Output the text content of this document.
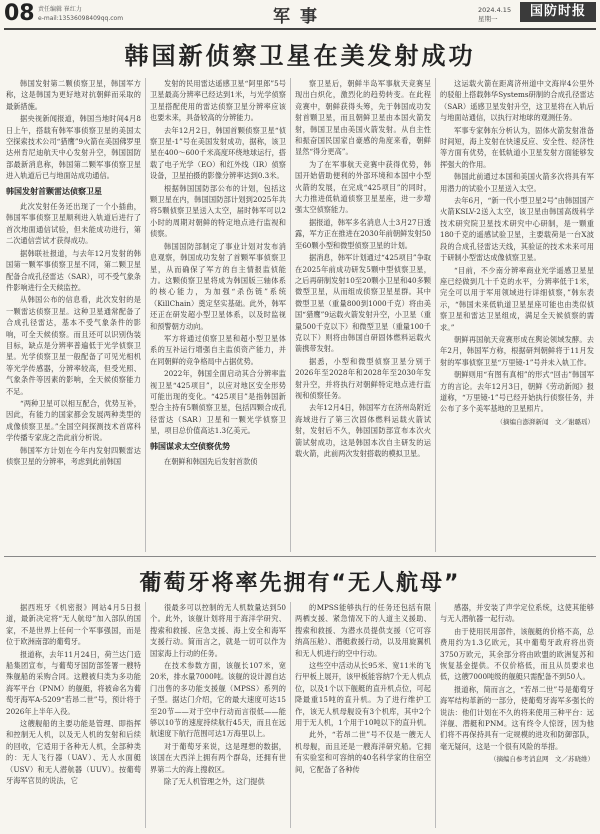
08 责任编辑 崔红力
e-mail:13536098409qq.com	军事	2024.4.15
星期一	国防时报
韩国新侦察卫星在美发射成功

韩国发射第二颗侦察卫星，韩国军方称，这是韩国为更好地对抗朝鲜而采取的最新措施。

据央视新闻报道，韩国当地时间4月8日上午，搭载有韩军事侦察卫星的美国太空探索技术公司“猎鹰”9火箭在美国佛罗里达州肯尼迪航天中心发射升空，韩国国防部最新消息称，韩国第二颗军事侦察卫星进入轨道后已与地面站成功通信。

韩国发射首颗雷达侦察卫星

此次发射任务还出现了一个小插曲，韩国军事侦察卫星顺利进入轨道后进行了首次地面通信试验，但未能成功进行，第二次通信尝试才获得成功。

据韩联社报道，与去年12月发射的韩国第一颗军事侦察卫星不同，第二颗卫星配备合成孔径雷达（SAR），可不受气象条件影响进行全天候监控。

从韩国公布的信息看，此次发射的是一颗雷达侦察卫星。这种卫星通常配备了合成孔径雷达，基本不受气象条件的影响，可全天候侦察。而且还可以识别伪装目标，缺点是分辨率普遍低于光学侦察卫星。光学侦察卫星一般配备了可见光相机等光学传感器，分辨率较高，但受光照、气象条件等因素的影响，全天候侦察能力不足。

“两种卫星可以相互配合，优势互补，因此，有能力的国家都会发展两种类型的成像侦察卫星。”全国空间探测技术首席科学传播专家庞之浩此前分析说。

韩国军方计划在今年内发射四颗雷达侦察卫星的分辨率，考虑到此前韩国

发射的民用雷达遥感卫星“阿里郎”5号卫星最高分辨率已经达到1米，与光学侦察卫星搭配使用的雷达侦察卫星分辨率应该也要未来，具备较高的分辨能力。

去年12月2日，韩国首颗侦察卫星“侦察卫星-1”号在美国发射成功，据称，该卫星在400～600千米高度环绕地球运行，搭载了电子光学（EO）和红外线（IR）侦察设备，卫星拍摄的影像分辨率达到0.3米。

根据韩国国防部公布的计划，包括这颗卫星在内，韩国国防部计划到2025年共将5颗侦察卫星送入太空，届时韩军可以2小时的周期对朝鲜的特定地点进行监视和侦察。

韩国国防部制定了事业计划对发布消息观察，韩国成功发射了首颗军事侦察卫星，从而确保了军方的自主情报监侦能力。这颗侦察卫星将成为韩国版三轴体系的核心能力，为加强“杀伤链”系统（KillChain）奠定坚实基础。此外，韩军还正在研发超小型卫星体系，以及时监视和预警朝方动向。

军方将通过侦察卫星和超小型卫星体系的互补运行增强自主监侦资产能力，并在同朝鲜的竞争格局中占据优势。

2022年，韩国全面启动其合分辨率监视卫星“425项目”，以应对地区安全形势可能出现的变化。“425项目”是指韩国新型合主持有5颗侦察卫星，包括四颗合成孔径雷达（SAR）卫星和一颗光学侦察卫星，项目总价值高达1.3亿美元。

韩国谋求太空侦察优势

在朝鲜和韩国先后发射首款侦

察卫星后，朝鲜半岛军事航天竞赛呈现出白炽化，激烈化的趋势转变。在此程竞赛中，朝鲜获得头筹，先于韩国成功发射首颗卫星，而且朝鲜卫星由本国火箭发射，韩国卫星由美国火箭发射。从自主性和振奋国民国家自豪感的角度来看，朝鲜显然“得分更高”。

为了在军事航天竞赛中获得优势，韩国开始借助便利的外部环境和本国中小型火箭的发展，在完成“425项目”的同时，大力推进低轨道侦察卫星星座，进一步增强太空侦察能力。

据报道，韩军多名消息人士3月27日透露，军方正在推进在2030年前朝鲜发射50至60颗小型和微型侦察卫星的计划。

据消息，韩军计划通过“425项目”争取在2025年前成功研发5颗中型侦察卫星，之后再研制发射10至20颗小卫星和40多颗微型卫星，从而组成侦察卫星星群。其中微型卫星（重量800到1000千克）将由美国“猎鹰”9运载火箭发射升空，小卫星（重量500千克以下）和微型卫星（重量100千克以下）则将由韩国自研固体燃料运载火箭携带发射。

据悉，小型和微型侦察卫星分别于2026年至2028年和2028年至2030年发射升空，并将执行对朝鲜特定地点进行监视和侦察任务。

去年12月4日，韩国军方在济州岛附近海域进行了第三次固体燃料运载火箭试射，发射后不久，韩国国防部宣布本次火箭试射成功，这是韩国本次自主研发的运载火箭，此前两次发射搭载的模拟卫星。

这运载火箭在距离济州道中文海岸4公里外的驳船上搭载韩华Systems研制的合成孔径雷达（SAR）遥感卫星发射升空，这卫星将在入轨后与地面站通信，以执行对地球的观测任务。

军事专家韩东分析认为，固体火箭发射准备时间短，海上发射在快速反应、安全性、经济性等方面有优势，在低轨道小卫星发射方面能够发挥强大的作用。

韩国此前通过本国和美国火箭多次将具有军用潜力的试验小卫星送入太空。

去年6月，“新一代小型卫星2号”由韩国国产火箭KSLV-2送入太空，该卫星由韩国高级科学技术研究院卫星技术研究中心研制，是一颗重180千克的遥感试验卫星，主要载荷是一台X波段的合成孔径雷达天线，其验证的技术未来可用于研制小型雷达成像侦察卫星。

“目前，不少南分辨率商业光学遥感卫星星座已经做到几十千克的水平，分辨率低于1米，完全可以用于军用领域进行详细侦察，”韩东表示，“韩国未来低轨道卫星星座可能也由类似侦察卫星和雷达卫星组成，满足全天候侦察的需求。”

朝鲜再国航天竞赛形成在舆论领域发酵。去年2月，韩国军方称，根据研判朝鲜将于11月发射的军事侦察卫星“万里镜-1”号并未入轨工作。

朝鲜则用“有图有真相”的形式“回击”韩国军方的言论。去年12月3日，朝鲜《劳动新闻》报道称，“万里镜-1”号已经开始执行侦察任务，并公布了多个美军基地的卫星照片。

（摘编自澎湃新闻　文／谢璐瑶）

葡萄牙将率先拥有“无人航母”

据西班牙《机密报》网站4月5日报道，最新决定将“无人航母”加入部队的国家，不是世界上任何一个军事强国，而是位于欧洲南部的葡萄牙。

报道称，去年11月24日，荷兰达门造船集团宣布，与葡萄牙国防部签署一艘特殊舰船的采购合同。这艘被归类为多功能海军平台（PNM）的舰艇，将被命名为葡萄牙海军A-5209“若昂二世”号，预计将于2026年上半年入役。

这艘舰船的主要功能是管理、即指挥和控制无人机，以及无人机的发射和后续的回收，它适用于各种无人机，全部种类的：无人飞行器（UAV）、无人水面艇（USV）和无人潜航器（UUV）。按葡萄牙海军官员的说法，它

很最多可以控制的无人机数量达到50个。此外，该舰计划将用于海洋学研究、搜索和救援、应急支援、海上安全和海军支援行动。简而言之，就是一切可以作为国家海上行动的任务。

在技术参数方面，该舰长107米，宽20米，排水量7000吨。该舰的设计源自达门出售的多功能支援舰（MPSS）系列的子型。据达门介绍，它的最大速度可达15至20节——对于空中行动而言很低——能够以10节的速度持续航行45天，而且在远航速度下航行范围可达1万海里以上。

对于葡萄牙来说，这是理想的数据，该国在大西洋上拥有两个群岛，还拥有世界第二大的海上搜救区。

除了无人机管理之外，这门提供

的MPSS能够执行的任务还包括有限两栖支援、紧急情况下的人道主义援助、搜索和救援、为潜水员提供支援（它可容纳高压舱）、潜艇救援行动，以及用旋翼机和无人机进行的空中行动。

这些空中活动从长95米、宽11米的飞行甲板上展开，该甲板能容纳7个无人机点位，以及1个以下舰艇的直升机点位，可起降最重15吨的直升机。为了进行维护工作，该无人机母舰设有3个机库，其中2个用于无人机，1个用于10吨以下的直升机。

此外，“若昂二世”号不仅是一艘无人机母舰，而且还是一艘海洋研究船。它拥有实验室和可容纳的40名科学家的住宿空间，它配备了各种传

感器，并安装了声学定位系统，这使其能够与无人潜航器一起行动。

由于使用民用部件，该舰艇的价格不高，总费用约为1.3亿欧元，其中葡萄牙政府将出资3750万欧元，其余部分将由欧盟的欧洲复苏和恢复基金提供。不仅价格低，而且从员要求也低，这艘7000吨级的舰艇只需配备不到50人。

报道称，简而言之，“若昂二世”号是葡萄牙海军结构革新的一部分，使葡萄牙海军多强长的说法：他们计划在不久的将来使用三种平台：远洋舰、潜艇和PNM。这有终令人惊讶，因为他们将不再保持具有一定规模的进攻和防御部队，毫无疑问，这是一个很有风险的举措。

（摘编自参考消息网　文／苏晓维）
